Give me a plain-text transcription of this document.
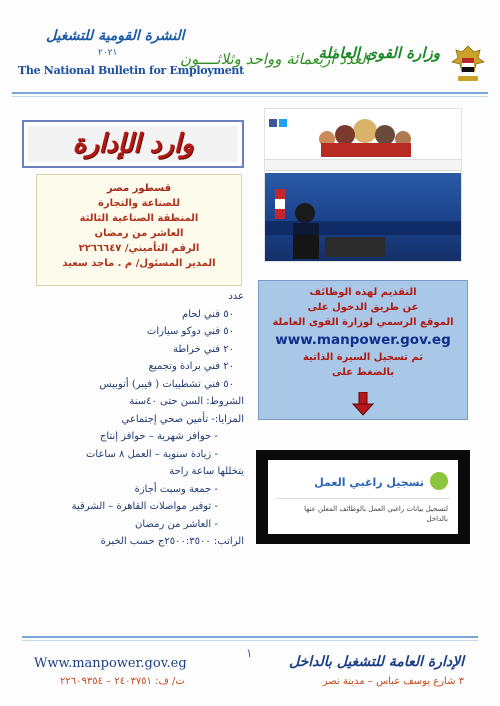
النشرة القومية للتشغيل
٢٠٢١
The National Bulletin for Employment
العدد أربعمائة وواحد وثلاثــــون
وزارة القوى العاملة
وارد الإدارة
قسطور مصر
للصناعة والتجارة
المنطقة الصناعية الثالثة
العاشر من رمضان
الرقم التأميني/ ٢٢٦٦٦٤٧
المدير المسئول/ م . ماجد سعيد
عدد
٥٠ فني لحام
٥٠ فني دوكو سيارات
٢٠ فني خراطة
٢٠ فني برادة وتجميع
٥٠ فني تشطيبات ( فيبر) أتوبيس
الشروط: السن حتى ٤٠سنة
المزايا:- تأمين صحي إجتماعي
- حوافز شهرية – حوافز إنتاج
- زيادة سنوية – العمل ٨ ساعات
يتخللها ساعة راحة
- جمعة وسبت أجازة
- توفير مواصلات القاهرة – الشرقية
- العاشر من رمضان
الراتب: ٢٥٠٠:٣٥٠٠ج حسب الخبرة
التقديم لهذه الوظائف
عن طريق الدخول على
الموقع الرسمي لوزارة القوى العاملة
www.manpower.gov.eg
ثم تسجيل السيرة الذاتية
بالضغط على
تسجيل راغبي العمل
لتسجيل بيانات راغبي العمل بالوظائف المعلن عنها بالداخل
١
Www.manpower.gov.eg
ت/ ف: ٢٤٠٣٧٥١ – ٢٢٦٠٩٣٥٤
الإدارة العامة للتشغيل بالداخل
٣ شارع يوسف عباس – مدينة نصر
